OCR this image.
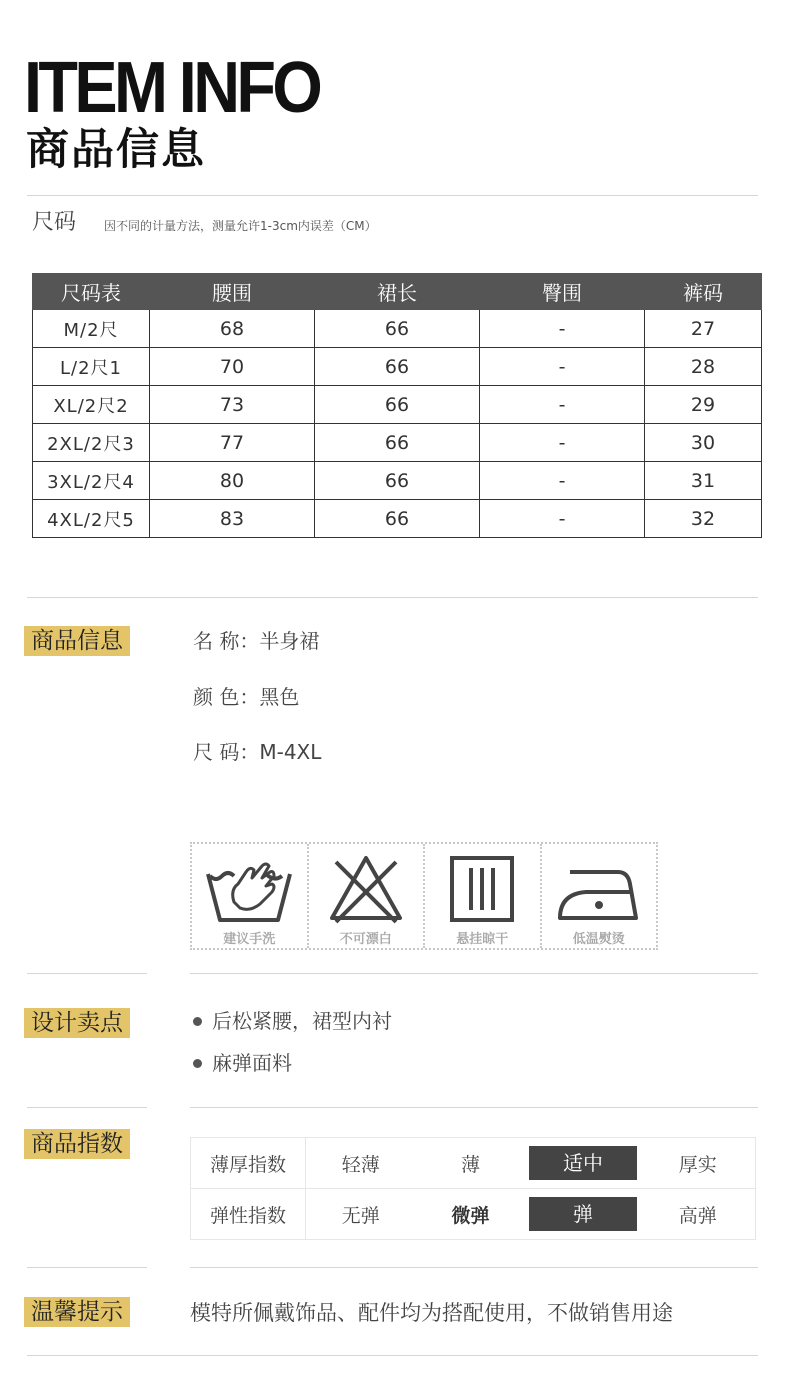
ITEM INFO
商品信息
尺码 因不同的计量方法，测量允许1-3cm内误差（CM）
尺码表	腰围	裙长	臀围	裤码
M/2尺	68	66	-	27
L/2尺1	70	66	-	28
XL/2尺2	73	66	-	29
2XL/2尺3	77	66	-	30
3XL/2尺4	80	66	-	31
4XL/2尺5	83	66	-	32
商品信息	名 称：半身裙
颜 色：黑色
尺 码：M-4XL
建议手洗	不可漂白	悬挂晾干	低温熨烫
设计卖点	后松紧腰，裙型内衬
麻弹面料
商品指数
薄厚指数	轻薄	薄	适中	厚实
弹性指数	无弹	微弹	弹	高弹
温馨提示	模特所佩戴饰品、配件均为搭配使用，不做销售用途
